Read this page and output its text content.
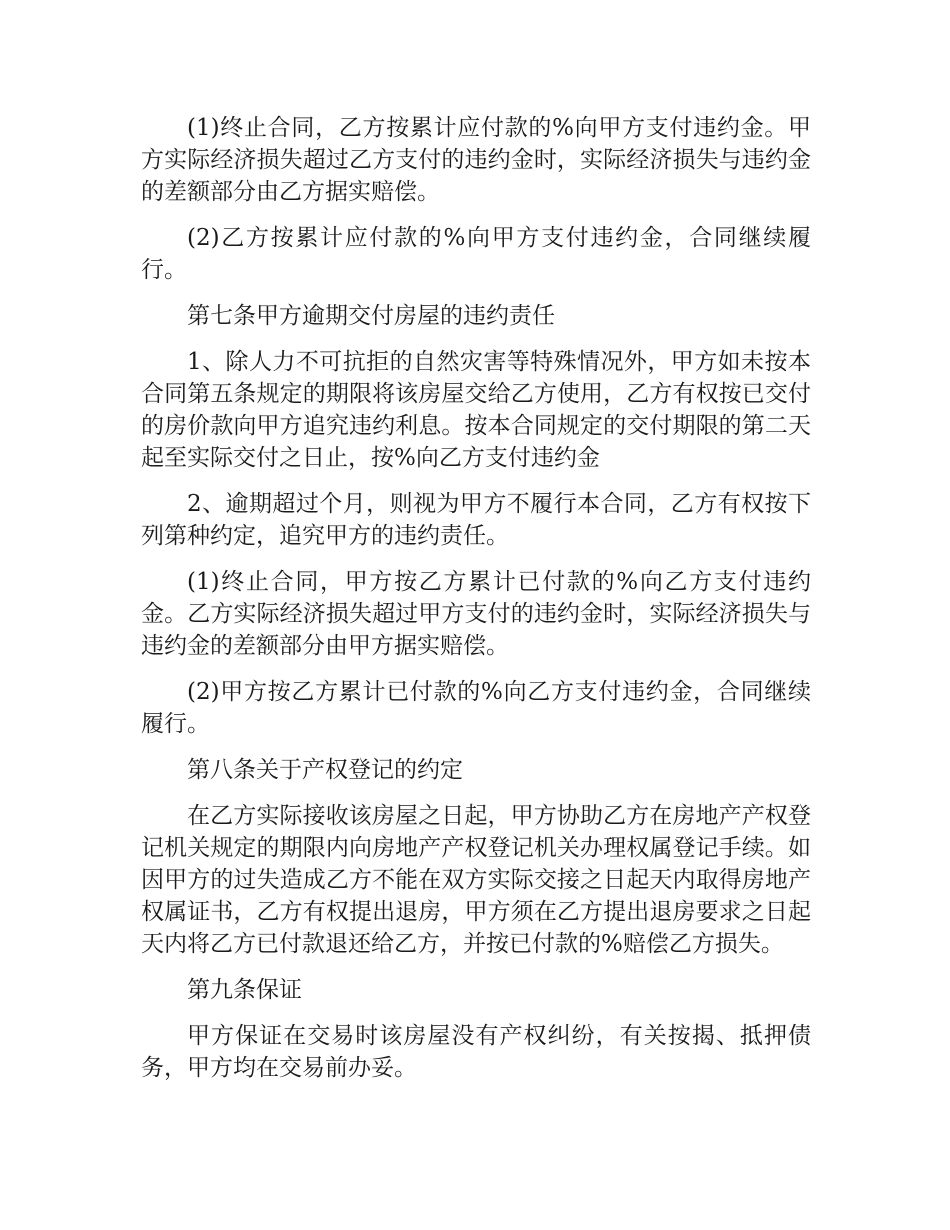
(1)终止合同，乙方按累计应付款的%向甲方支付违约金。甲方实际经济损失超过乙方支付的违约金时，实际经济损失与违约金的差额部分由乙方据实赔偿。

(2)乙方按累计应付款的%向甲方支付违约金，合同继续履行。

第七条甲方逾期交付房屋的违约责任

1、除人力不可抗拒的自然灾害等特殊情况外，甲方如未按本合同第五条规定的期限将该房屋交给乙方使用，乙方有权按已交付的房价款向甲方追究违约利息。按本合同规定的交付期限的第二天起至实际交付之日止，按%向乙方支付违约金

2、逾期超过个月，则视为甲方不履行本合同，乙方有权按下列第种约定，追究甲方的违约责任。

(1)终止合同，甲方按乙方累计已付款的%向乙方支付违约金。乙方实际经济损失超过甲方支付的违约金时，实际经济损失与违约金的差额部分由甲方据实赔偿。

(2)甲方按乙方累计已付款的%向乙方支付违约金，合同继续履行。

第八条关于产权登记的约定

在乙方实际接收该房屋之日起，甲方协助乙方在房地产产权登记机关规定的期限内向房地产产权登记机关办理权属登记手续。如因甲方的过失造成乙方不能在双方实际交接之日起天内取得房地产权属证书，乙方有权提出退房，甲方须在乙方提出退房要求之日起天内将乙方已付款退还给乙方，并按已付款的%赔偿乙方损失。

第九条保证

甲方保证在交易时该房屋没有产权纠纷，有关按揭、抵押债务，甲方均在交易前办妥。
